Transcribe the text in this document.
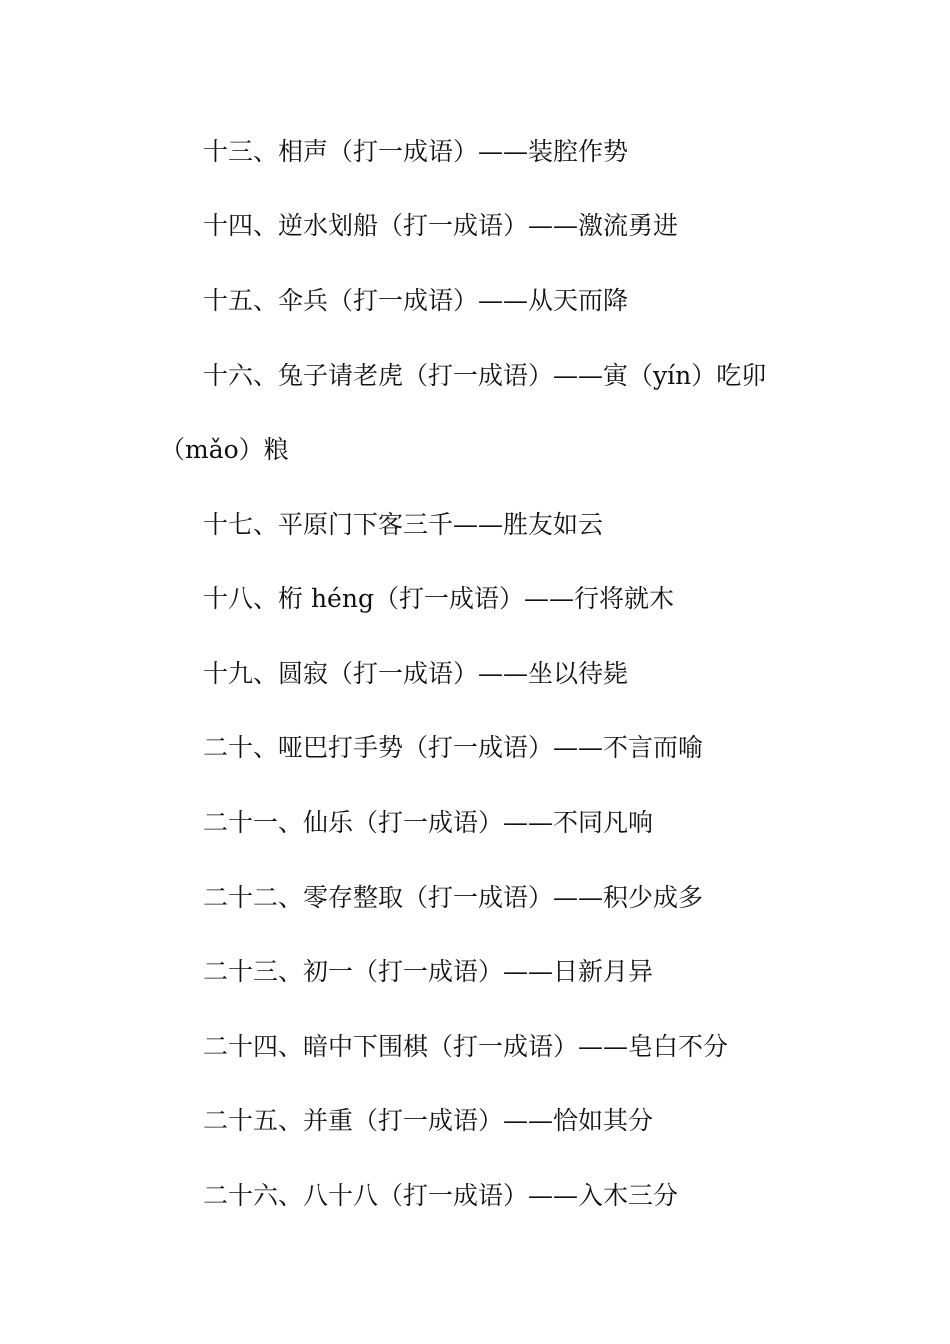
十三、相声（打一成语）——装腔作势
十四、逆水划船（打一成语）——激流勇进
十五、伞兵（打一成语）——从天而降
十六、兔子请老虎（打一成语）——寅（yín）吃卯
（mǎo）粮
十七、平原门下客三千——胜友如云
十八、桁 héng（打一成语）——行将就木
十九、圆寂（打一成语）——坐以待毙
二十、哑巴打手势（打一成语）——不言而喻
二十一、仙乐（打一成语）——不同凡响
二十二、零存整取（打一成语）——积少成多
二十三、初一（打一成语）——日新月异
二十四、暗中下围棋（打一成语）——皂白不分
二十五、并重（打一成语）——恰如其分
二十六、八十八（打一成语）——入木三分
